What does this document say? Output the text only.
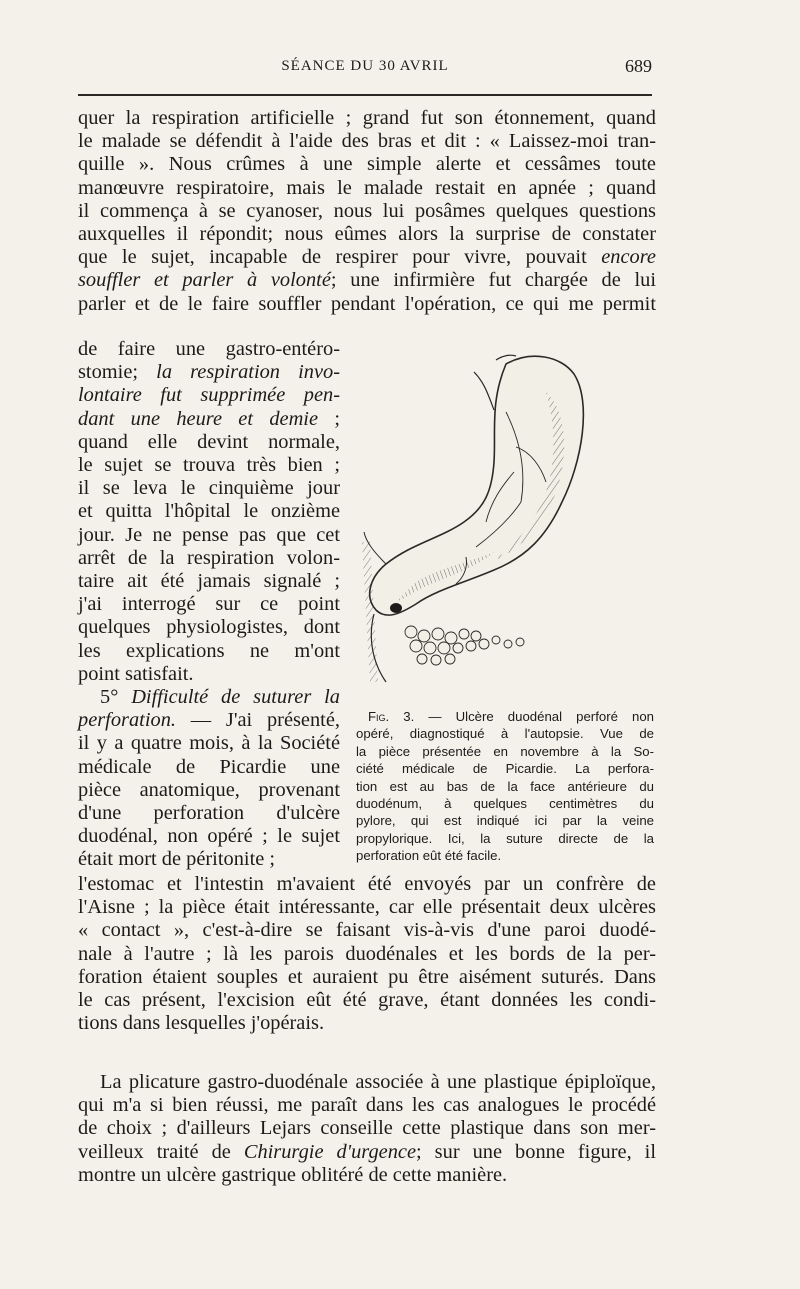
SÉANCE DU 30 AVRIL	689
quer la respiration artificielle ; grand fut son étonnement, quand
le malade se défendit à l'aide des bras et dit : « Laissez-moi tran-
quille ». Nous crûmes à une simple alerte et cessâmes toute
manœuvre respiratoire, mais le malade restait en apnée ; quand
il commença à se cyanoser, nous lui posâmes quelques questions
auxquelles il répondit; nous eûmes alors la surprise de constater
que le sujet, incapable de respirer pour vivre, pouvait encore
souffler et parler à volonté; une infirmière fut chargée de lui
parler et de le faire souffler pendant l'opération, ce qui me permit
de faire une gastro-entéro-
stomie; la respiration invo-
lontaire fut supprimée pen-
dant une heure et demie ;
quand elle devint normale,
le sujet se trouva très bien ;
il se leva le cinquième jour
et quitta l'hôpital le onzième
jour. Je ne pense pas que cet
arrêt de la respiration volon-
taire ait été jamais signalé ;
j'ai interrogé sur ce point
quelques physiologistes, dont
les explications ne m'ont
point satisfait.
5° Difficulté de suturer la
perforation. — J'ai présenté,
il y a quatre mois, à la Société
médicale de Picardie une
pièce anatomique, provenant
d'une perforation d'ulcère
duodénal, non opéré ; le sujet
était mort de péritonite ;
Fig. 3. — Ulcère duodénal perforé non
opéré, diagnostiqué à l'autopsie. Vue de
la pièce présentée en novembre à la So-
ciété médicale de Picardie. La perfora-
tion est au bas de la face antérieure du
duodénum, à quelques centimètres du
pylore, qui est indiqué ici par la veine
propylorique. Ici, la suture directe de la
perforation eût été facile.
l'estomac et l'intestin m'avaient été envoyés par un confrère de
l'Aisne ; la pièce était intéressante, car elle présentait deux ulcères
« contact », c'est-à-dire se faisant vis-à-vis d'une paroi duodé-
nale à l'autre ; là les parois duodénales et les bords de la per-
foration étaient souples et auraient pu être aisément suturés. Dans
le cas présent, l'excision eût été grave, étant données les condi-
tions dans lesquelles j'opérais.
La plicature gastro-duodénale associée à une plastique épiploïque,
qui m'a si bien réussi, me paraît dans les cas analogues le procédé
de choix ; d'ailleurs Lejars conseille cette plastique dans son mer-
veilleux traité de Chirurgie d'urgence; sur une bonne figure, il
montre un ulcère gastrique oblitéré de cette manière.
